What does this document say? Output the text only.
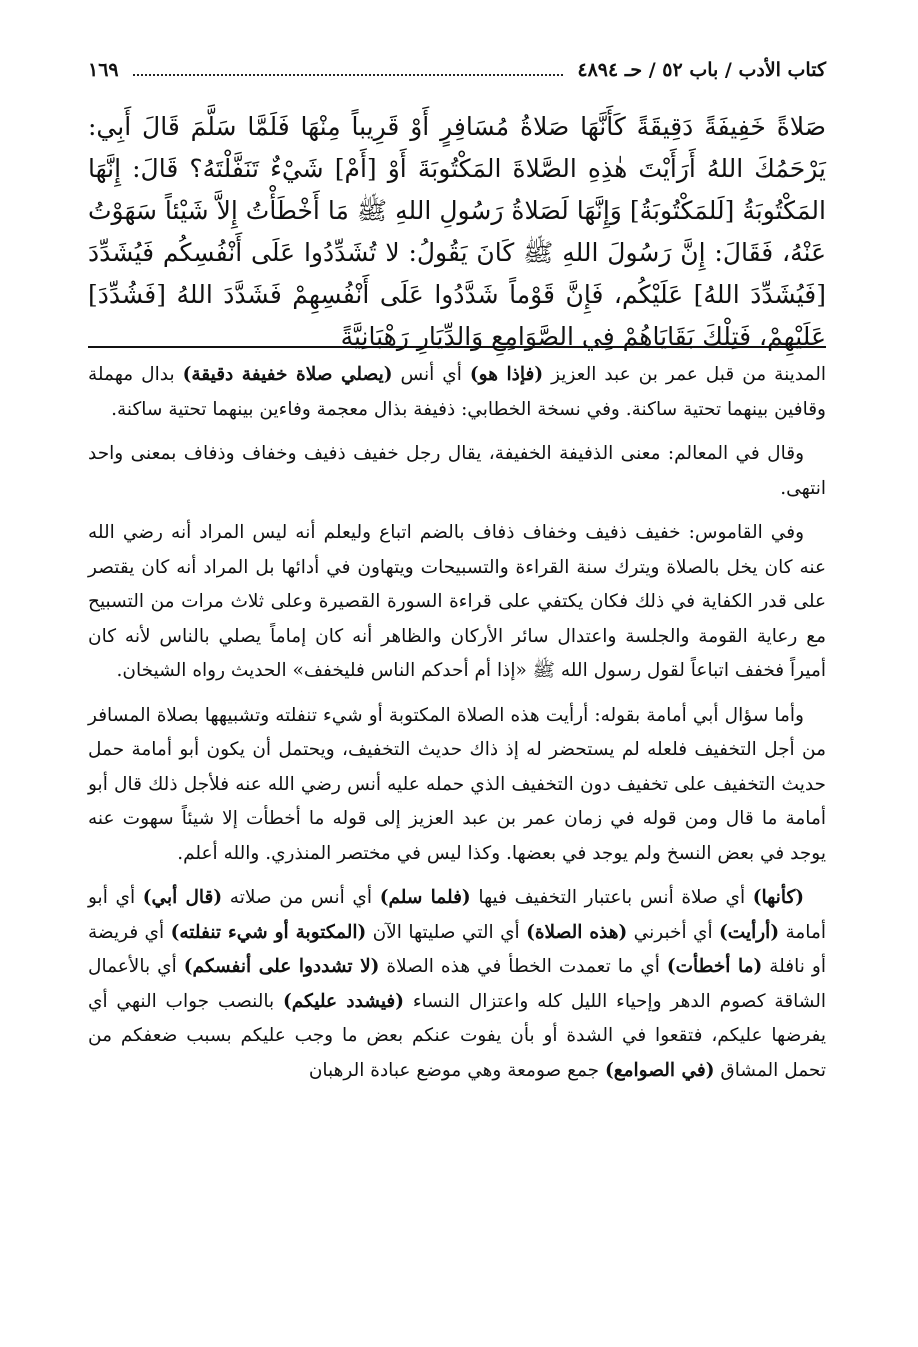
كتاب الأدب / باب ٥٢ / حـ ٤٨٩٤
١٦٩
صَلاةً خَفِيفَةً دَقِيقَةً كَأَنَّهَا صَلاةُ مُسَافِرٍ أَوْ قَرِيباً مِنْهَا فَلَمَّا سَلَّمَ قَالَ أَبِي: يَرْحَمُكَ اللهُ أَرَأَيْتَ هٰذِهِ الصَّلاةَ المَكْتُوبَةَ أَوْ [أَمْ] شَيْءٌ تَنَفَّلْتَهُ؟ قَالَ: إِنَّهَا المَكْتُوبَةُ [لَلمَكْتُوبَةُ] وَإِنَّهَا لَصَلاةُ رَسُولِ اللهِ ﷺ مَا أَخْطَأْتُ إِلاَّ شَيْئاً سَهَوْتُ عَنْهُ، فَقَالَ: إِنَّ رَسُولَ اللهِ ﷺ كَانَ يَقُولُ: لا تُشَدِّدُوا عَلَى أَنْفُسِكُم فَيُشَدِّدَ [فَيُشَدِّدَ اللهُ] عَلَيْكُم، فَإِنَّ قَوْماً شَدَّدُوا عَلَى أَنْفُسِهِمْ فَشَدَّدَ اللهُ [فَشُدِّدَ] عَلَيْهِمْ، فَتِلْكَ بَقَايَاهُمْ فِي الصَّوَامِعِ وَالدِّيَارِ رَهْبَانِيَّةً

المدينة من قبل عمر بن عبد العزيز (فإذا هو) أي أنس (يصلي صلاة خفيفة دقيقة) بدال مهملة وقافين بينهما تحتية ساكنة. وفي نسخة الخطابي: ذفيفة بذال معجمة وفاءين بينهما تحتية ساكنة.

وقال في المعالم: معنى الذفيفة الخفيفة، يقال رجل خفيف ذفيف وخفاف وذفاف بمعنى واحد انتهى.

وفي القاموس: خفيف ذفيف وخفاف ذفاف بالضم اتباع وليعلم أنه ليس المراد أنه رضي الله عنه كان يخل بالصلاة ويترك سنة القراءة والتسبيحات ويتهاون في أدائها بل المراد أنه كان يقتصر على قدر الكفاية في ذلك فكان يكتفي على قراءة السورة القصيرة وعلى ثلاث مرات من التسبيح مع رعاية القومة والجلسة واعتدال سائر الأركان والظاهر أنه كان إماماً يصلي بالناس لأنه كان أميراً فخفف اتباعاً لقول رسول الله ﷺ «إذا أم أحدكم الناس فليخفف» الحديث رواه الشيخان.

وأما سؤال أبي أمامة بقوله: أرأيت هذه الصلاة المكتوبة أو شيء تنفلته وتشبيهها بصلاة المسافر من أجل التخفيف فلعله لم يستحضر له إذ ذاك حديث التخفيف، ويحتمل أن يكون أبو أمامة حمل حديث التخفيف على تخفيف دون التخفيف الذي حمله عليه أنس رضي الله عنه فلأجل ذلك قال أبو أمامة ما قال ومن قوله في زمان عمر بن عبد العزيز إلى قوله ما أخطأت إلا شيئاً سهوت عنه يوجد في بعض النسخ ولم يوجد في بعضها. وكذا ليس في مختصر المنذري. والله أعلم.

(كأنها) أي صلاة أنس باعتبار التخفيف فيها (فلما سلم) أي أنس من صلاته (قال أبي) أي أبو أمامة (أرأيت) أي أخبرني (هذه الصلاة) أي التي صليتها الآن (المكتوبة أو شيء تنفلته) أي فريضة أو نافلة (ما أخطأت) أي ما تعمدت الخطأ في هذه الصلاة (لا تشددوا على أنفسكم) أي بالأعمال الشاقة كصوم الدهر وإحياء الليل كله واعتزال النساء (فيشدد عليكم) بالنصب جواب النهي أي يفرضها عليكم، فتقعوا في الشدة أو بأن يفوت عنكم بعض ما وجب عليكم بسبب ضعفكم من تحمل المشاق (في الصوامع) جمع صومعة وهي موضع عبادة الرهبان
